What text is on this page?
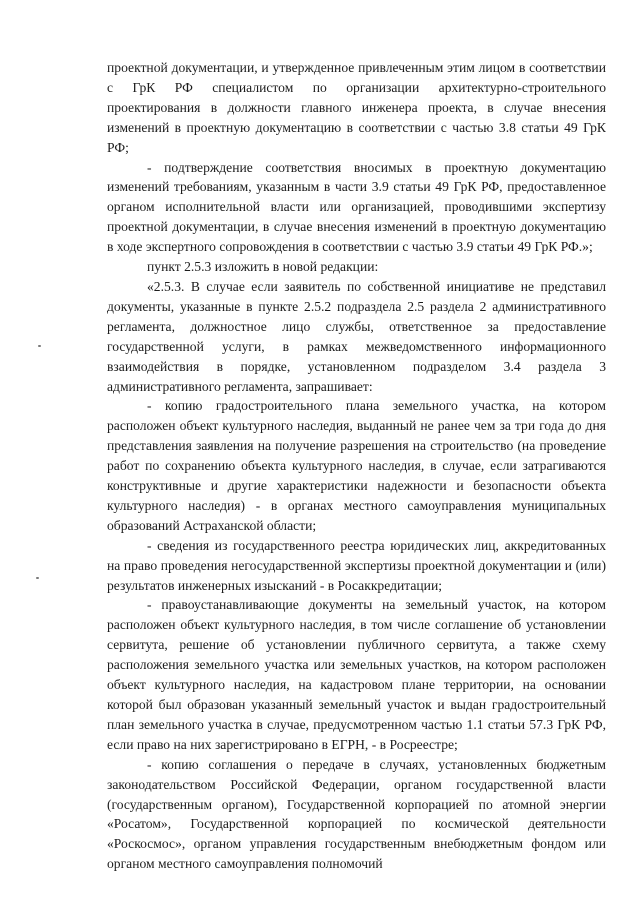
проектной документации, и утвержденное привлеченным этим лицом в соответствии с ГрК РФ специалистом по организации архитектурно-строительного проектирования в должности главного инженера проекта, в случае внесения изменений в проектную документацию в соответствии с частью 3.8 статьи 49 ГрК РФ;

- подтверждение соответствия вносимых в проектную документацию изменений требованиям, указанным в части 3.9 статьи 49 ГрК РФ, предоставленное органом исполнительной власти или организацией, проводившими экспертизу проектной документации, в случае внесения изменений в проектную документацию в ходе экспертного сопровождения в соответствии с частью 3.9 статьи 49 ГрК РФ.»;

пункт 2.5.3 изложить в новой редакции:

«2.5.3. В случае если заявитель по собственной инициативе не представил документы, указанные в пункте 2.5.2 подраздела 2.5 раздела 2 административного регламента, должностное лицо службы, ответственное за предоставление государственной услуги, в рамках межведомственного информационного взаимодействия в порядке, установленном подразделом 3.4 раздела 3 административного регламента, запрашивает:

- копию градостроительного плана земельного участка, на котором расположен объект культурного наследия, выданный не ранее чем за три года до дня представления заявления на получение разрешения на строительство (на проведение работ по сохранению объекта культурного наследия, в случае, если затрагиваются конструктивные и другие характеристики надежности и безопасности объекта культурного наследия) - в органах местного самоуправления муниципальных образований Астраханской области;

- сведения из государственного реестра юридических лиц, аккредитованных на право проведения негосударственной экспертизы проектной документации и (или) результатов инженерных изысканий - в Росаккредитации;

- правоустанавливающие документы на земельный участок, на котором расположен объект культурного наследия, в том числе соглашение об установлении сервитута, решение об установлении публичного сервитута, а также схему расположения земельного участка или земельных участков, на котором расположен объект культурного наследия, на кадастровом плане территории, на основании которой был образован указанный земельный участок и выдан градостроительный план земельного участка в случае, предусмотренном частью 1.1 статьи 57.3 ГрК РФ, если право на них зарегистрировано в ЕГРН, - в Росреестре;

- копию соглашения о передаче в случаях, установленных бюджетным законодательством Российской Федерации, органом государственной власти (государственным органом), Государственной корпорацией по атомной энергии «Росатом», Государственной корпорацией по космической деятельности «Роскосмос», органом управления государственным внебюджетным фондом или органом местного самоуправления полномочий
